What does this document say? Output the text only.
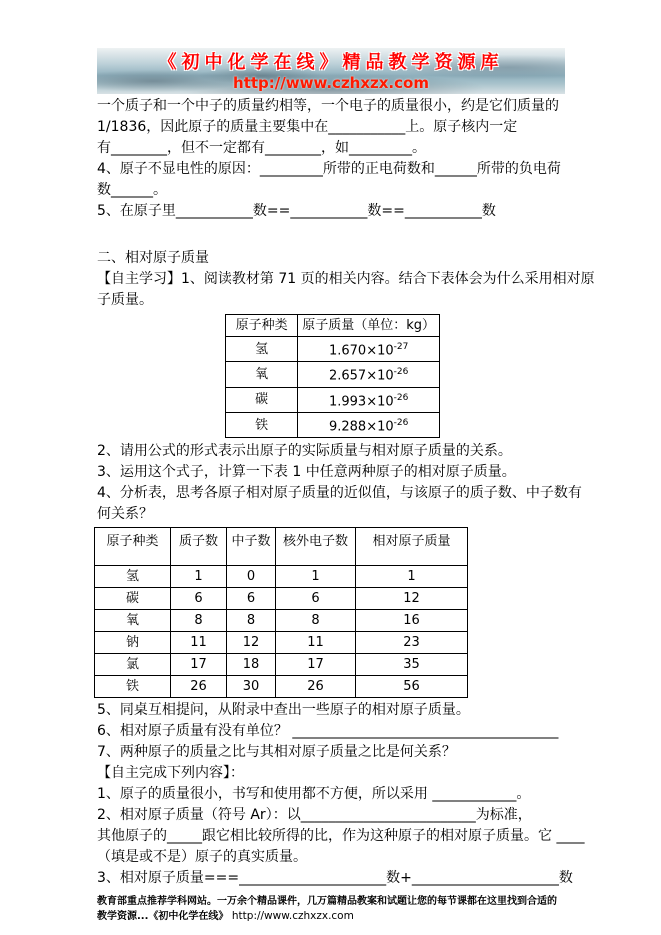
《初中化学在线》精品教学资源库
http://www.czhxzx.com
一个质子和一个中子的质量约相等，一个电子的质量很小，约是它们质量的
1/1836，因此原子的质量主要集中在___________上。原子核内一定
有________，但不一定都有________，如_________。
4、原子不显电性的原因：_________所带的正电荷数和______所带的负电荷
数______。
5、在原子里___________数==___________数==___________数
二、相对原子质量
【自主学习】1、阅读教材第 71 页的相关内容。结合下表体会为什么采用相对原
子质量。
原子种类	原子质量（单位：kg）
氢	$1.670\times 10^{-27}$
氧	$2.657\times 10^{-26}$
碳	$1.993\times 10^{-26}$
铁	$9.288\times 10^{-26}$
2、请用公式的形式表示出原子的实际质量与相对原子质量的关系。
3、运用这个式子，计算一下表 1 中任意两种原子的相对原子质量。
4、分析表，思考各原子相对原子质量的近似值，与该原子的质子数、中子数有
何关系？
原子种类	质子数	中子数	核外电子数	相对原子质量
氢	1	0	1	1
碳	6	6	6	12
氧	8	8	8	16
钠	11	12	11	23
氯	17	18	17	35
铁	26	30	26	56
5、同桌互相提问，从附录中查出一些原子的相对原子质量。
6、相对原子质量有没有单位？ ______________________________________
7、两种原子的质量之比与其相对原子质量之比是何关系？
【自主完成下列内容】：
1、原子的质量很小，书写和使用都不方便，所以采用 ____________。
2、相对原子质量（符号 Ar）：以_________________________为标准，
其他原子的_____跟它相比较所得的比，作为这种原子的相对原子质量。它 ____
（填是或不是）原子的真实质量。
3、相对原子质量===_____________________数+_____________________数
教育部重点推荐学科网站。一万余个精品课件，几万篇精品教案和试题让您的每节课都在这里找到合适的
教学资源...《初中化学在线》 http://www.czhxzx.com
